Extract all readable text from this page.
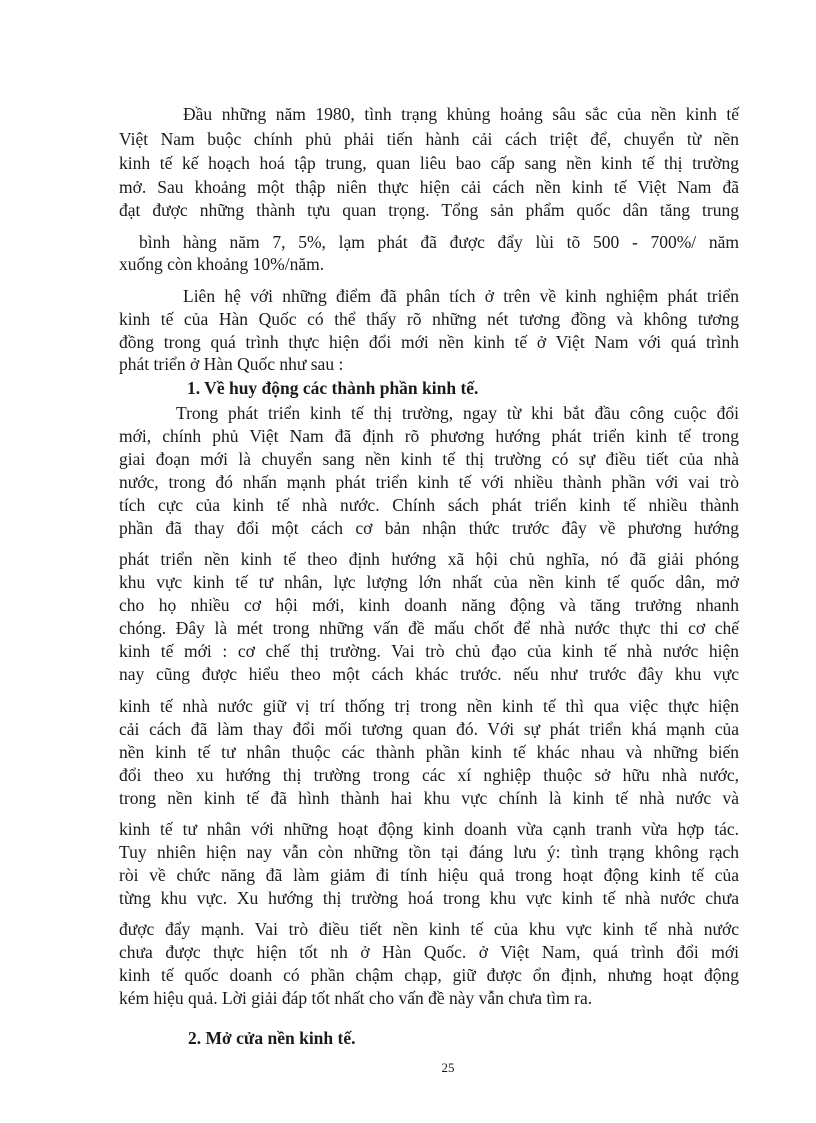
Đầu những năm 1980, tình trạng khủng hoảng sâu sắc của nền kinh tế
Việt Nam buộc chính phủ phải tiến hành cải cách triệt để, chuyển từ nền
kinh tế kế hoạch hoá tập trung, quan liêu bao cấp sang nền kinh tế thị trường
mở. Sau khoảng một thập niên thực hiện cải cách nền kinh tế Việt Nam đã
đạt được những thành tựu quan trọng. Tổng sản phẩm quốc dân tăng trung
bình hàng năm 7, 5%, lạm phát đã được đẩy lùi tõ 500 - 700%/ năm
xuống còn khoảng 10%/năm.
Liên hệ với những điểm đã phân tích ở trên về kinh nghiệm phát triển
kinh tế của Hàn Quốc có thể thấy rõ những nét tương đồng và không tương
đồng trong quá trình thực hiện đổi mới nền kinh tế ở Việt Nam với quá trình
phát triển ở Hàn Quốc như sau :
1. Về huy động các thành phần kinh tế.
Trong phát triển kinh tế thị trường, ngay từ khi bắt đầu công cuộc đổi
mới, chính phủ Việt Nam đã định rõ phương hướng phát triển kinh tế trong
giai đoạn mới là chuyển sang nền kinh tế thị trường có sự điều tiết của nhà
nước, trong đó nhấn mạnh phát triển kinh tế với nhiều thành phần với vai trò
tích cực của kinh tế nhà nước. Chính sách phát triển kinh tế nhiều thành
phần đã thay đổi một cách cơ bản nhận thức trước đây về phương hướng
phát triển nền kinh tế theo định hướng xã hội chủ nghĩa, nó đã giải phóng
khu vực kinh tế tư nhân, lực lượng lớn nhất của nền kinh tế quốc dân, mở
cho họ nhiều cơ hội mới, kinh doanh năng động và tăng trưởng nhanh
chóng. Đây là mét trong những vấn đề mấu chốt để nhà nước thực thi cơ chế
kinh tế mới : cơ chế thị trường. Vai trò chủ đạo của kinh tế nhà nước hiện
nay cũng được hiểu theo một cách khác trước. nếu như trước đây khu vực
kinh tế nhà nước giữ vị trí thống trị trong nền kinh tế thì qua việc thực hiện
cải cách đã làm thay đổi mối tương quan đó. Với sự phát triển khá mạnh của
nền kinh tế tư nhân thuộc các thành phần kinh tế khác nhau và những biến
đổi theo xu hướng thị trường trong các xí nghiệp thuộc sở hữu nhà nước,
trong nền kinh tế đã hình thành hai khu vực chính là kinh tế nhà nước và
kinh tế tư nhân với những hoạt động kinh doanh vừa cạnh tranh vừa hợp tác.
Tuy nhiên hiện nay vẫn còn những tồn tại đáng lưu ý: tình trạng không rạch
ròi về chức năng đã làm giảm đi tính hiệu quả trong hoạt động kinh tế của
từng khu vực. Xu hướng thị trường hoá trong khu vực kinh tế nhà nước chưa
được đẩy mạnh. Vai trò điều tiết nền kinh tế của khu vực kinh tế nhà nước
chưa được thực hiện tốt nh ở Hàn Quốc. ở Việt Nam, quá trình đổi mới
kinh tế quốc doanh có phần chậm chạp, giữ được ổn định, nhưng hoạt động
kém hiệu quả. Lời giải đáp tốt nhất cho vấn đề này vẫn chưa tìm ra.
2. Mở cửa nền kinh tế.
25
